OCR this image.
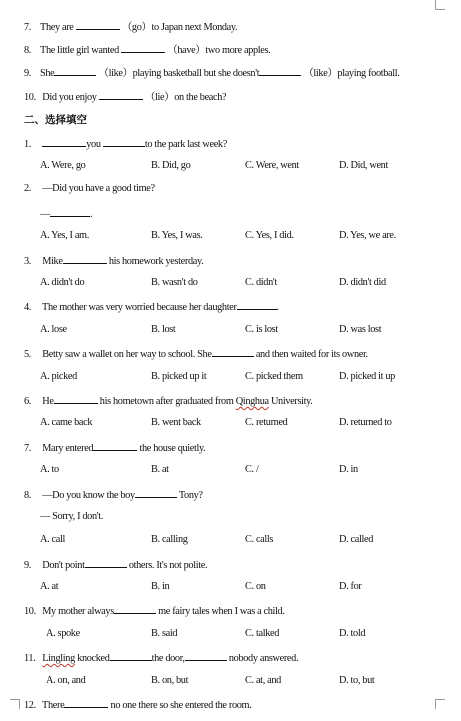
7. They are	（go）to Japan next Monday.
8. The little girl wanted	（have）two more apples.
9. She	（like）playing basketball but she doesn't	（like）playing football.
10. Did you enjoy	（lie）on the beach?
二、选择填空
1.	you	to the park last week?
A. Were, go	B. Did, go	C. Were, went	D. Did, went
2. —Did you have a good time?
—	.
A. Yes, I am.	B. Yes, I was.	C. Yes, I did.	D. Yes, we are.
3. Mike	his homework yesterday.
A. didn't do	B. wasn't do	C. didn't	D. didn't did
4. The mother was very worried because her daughter	.
A. lose	B. lost	C. is lost	D. was lost
5. Betty saw a wallet on her way to school. She	and then waited for its owner.
A. picked	B. picked up it	C. picked them	D. picked it up
6. He	his hometown after graduated from Qinghua University.
A. came back	B. went back	C. returned	D. returned to
7. Mary entered	the house quietly.
A. to	B. at	C. /	D. in
8. —Do you know the boy	Tony?
— Sorry, I don't.
A. call	B. calling	C. calls	D. called
9. Don't point	others. It's not polite.
A. at	B. in	C. on	D. for
10. My mother always	me fairy tales when I was a child.
A. spoke	B. said	C. talked	D. told
11. Lingling knocked	the door,	nobody answered.
A. on, and	B. on, but	C. at, and	D. to, but
12. There	no one there so she entered the room.
